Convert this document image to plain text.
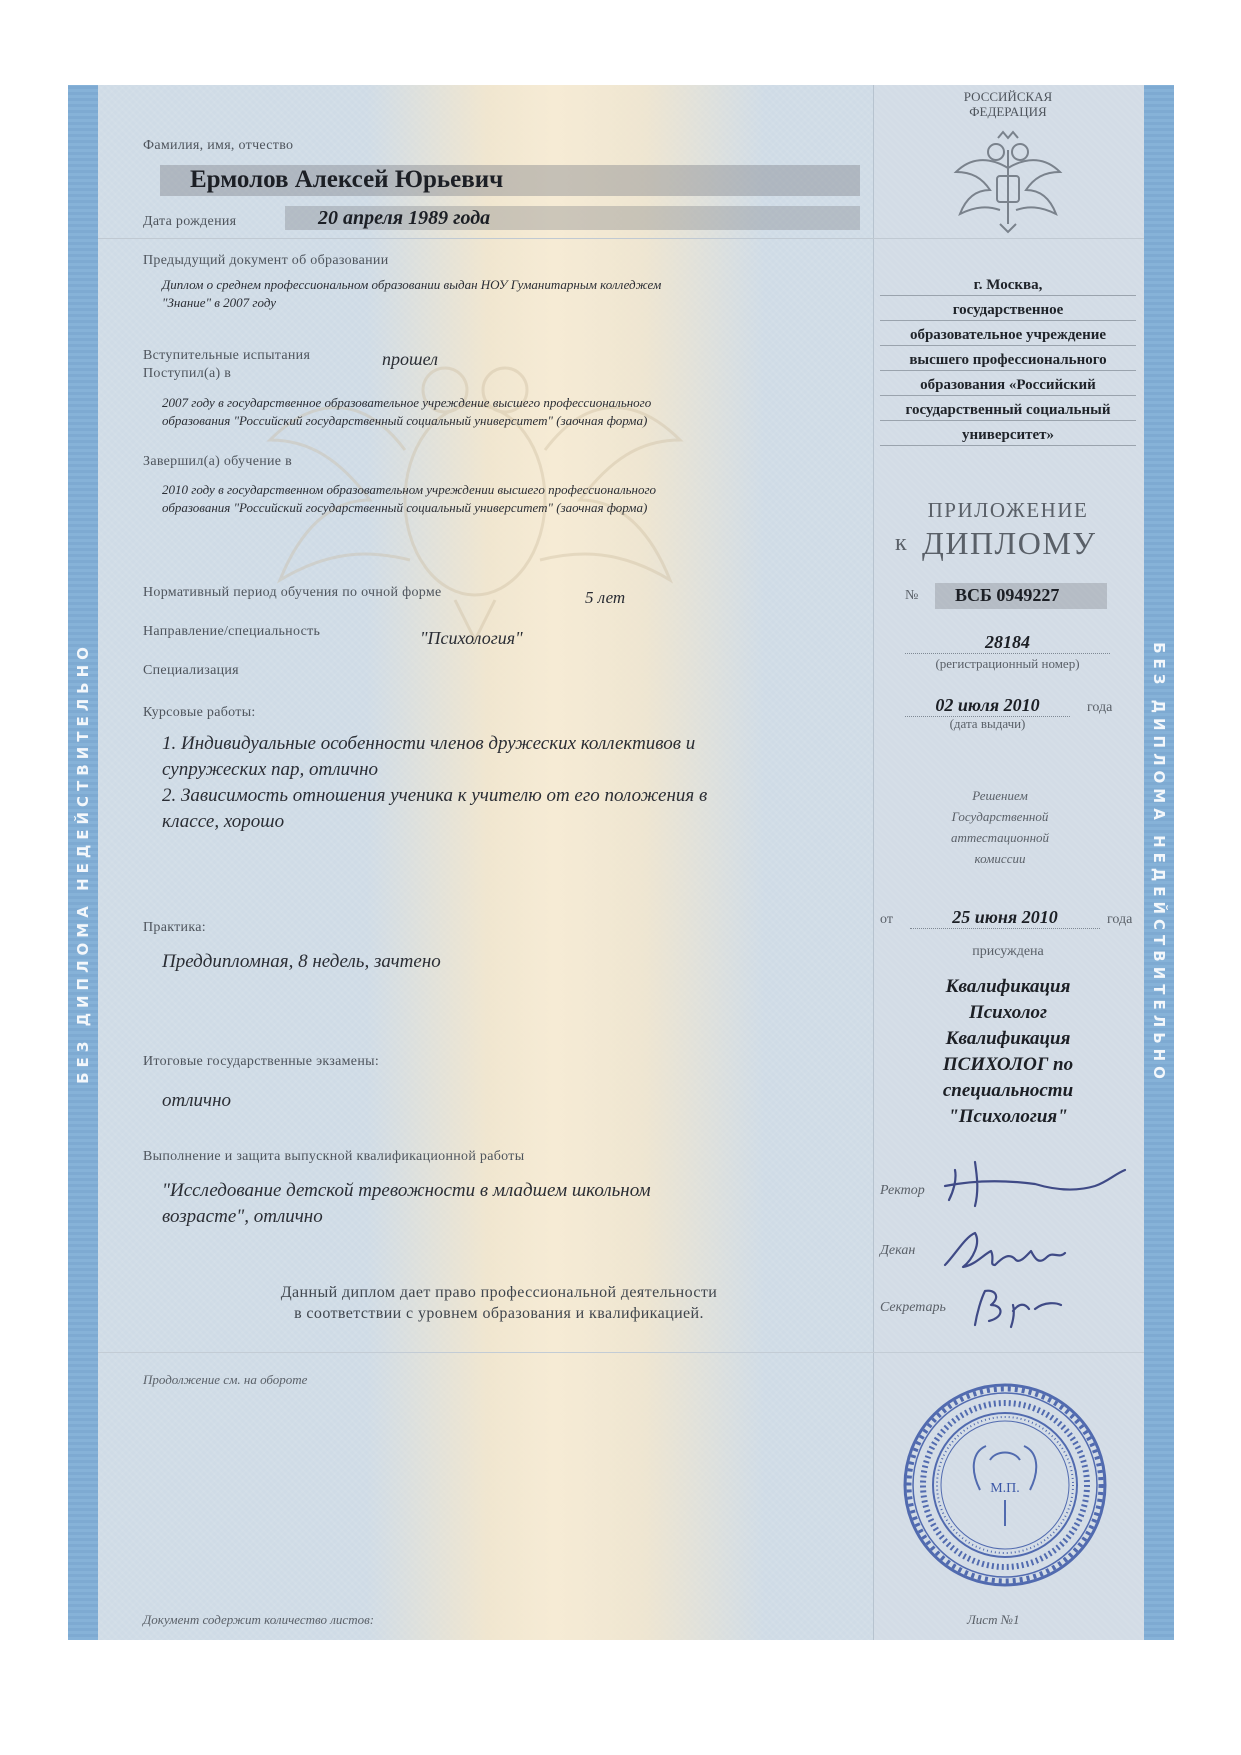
БЕЗ ДИПЛОМА НЕДЕЙСТВИТЕЛЬНО	БЕЗ ДИПЛОМА НЕДЕЙСТВИТЕЛЬНО
Фамилия, имя, отчество
Ермолов Алексей Юрьевич
Дата рождения	20 апреля 1989 года
Предыдущий документ об образовании
Диплом о среднем профессиональном образовании выдан НОУ Гуманитарным колледжем
"Знание" в 2007 году
Вступительные испытания	прошел
Поступил(а) в
2007 году в государственное образовательное учреждение высшего профессионального
образования "Российский государственный социальный университет" (заочная форма)
Завершил(а) обучение в
2010 году в государственном образовательном учреждении высшего профессионального
образования "Российский государственный социальный университет" (заочная форма)
Нормативный период обучения по очной форме	5 лет
Направление/специальность	"Психология"
Специализация
Курсовые работы:
1. Индивидуальные особенности членов дружеских коллективов и
супружеских пар, отлично
2. Зависимость отношения ученика к учителю от его положения в
классе, хорошо
Практика:
Преддипломная, 8 недель, зачтено
Итоговые государственные экзамены:
отлично
Выполнение и защита выпускной квалификационной работы
"Исследование детской тревожности в младшем школьном
возрасте", отлично
Данный диплом дает право профессиональной деятельности
в соответствии с уровнем образования и квалификацией.
Продолжение см. на обороте
Документ содержит количество листов:
РОССИЙСКАЯ
ФЕДЕРАЦИЯ
г. Москва,
государственное
образовательное учреждение
высшего профессионального
образования «Российский
государственный социальный
университет»
ПРИЛОЖЕНИЕ
к ДИПЛОМУ
№ ВСБ 0949227
28184
(регистрационный номер)
02 июля 2010	года
(дата выдачи)
Решением
Государственной
аттестационной
комиссии
от	25 июня 2010	года
присуждена
Квалификация
Психолог
Квалификация
ПСИХОЛОГ по
специальности
"Психология"
Ректор
Декан
Секретарь
М.П.
Лист №1
